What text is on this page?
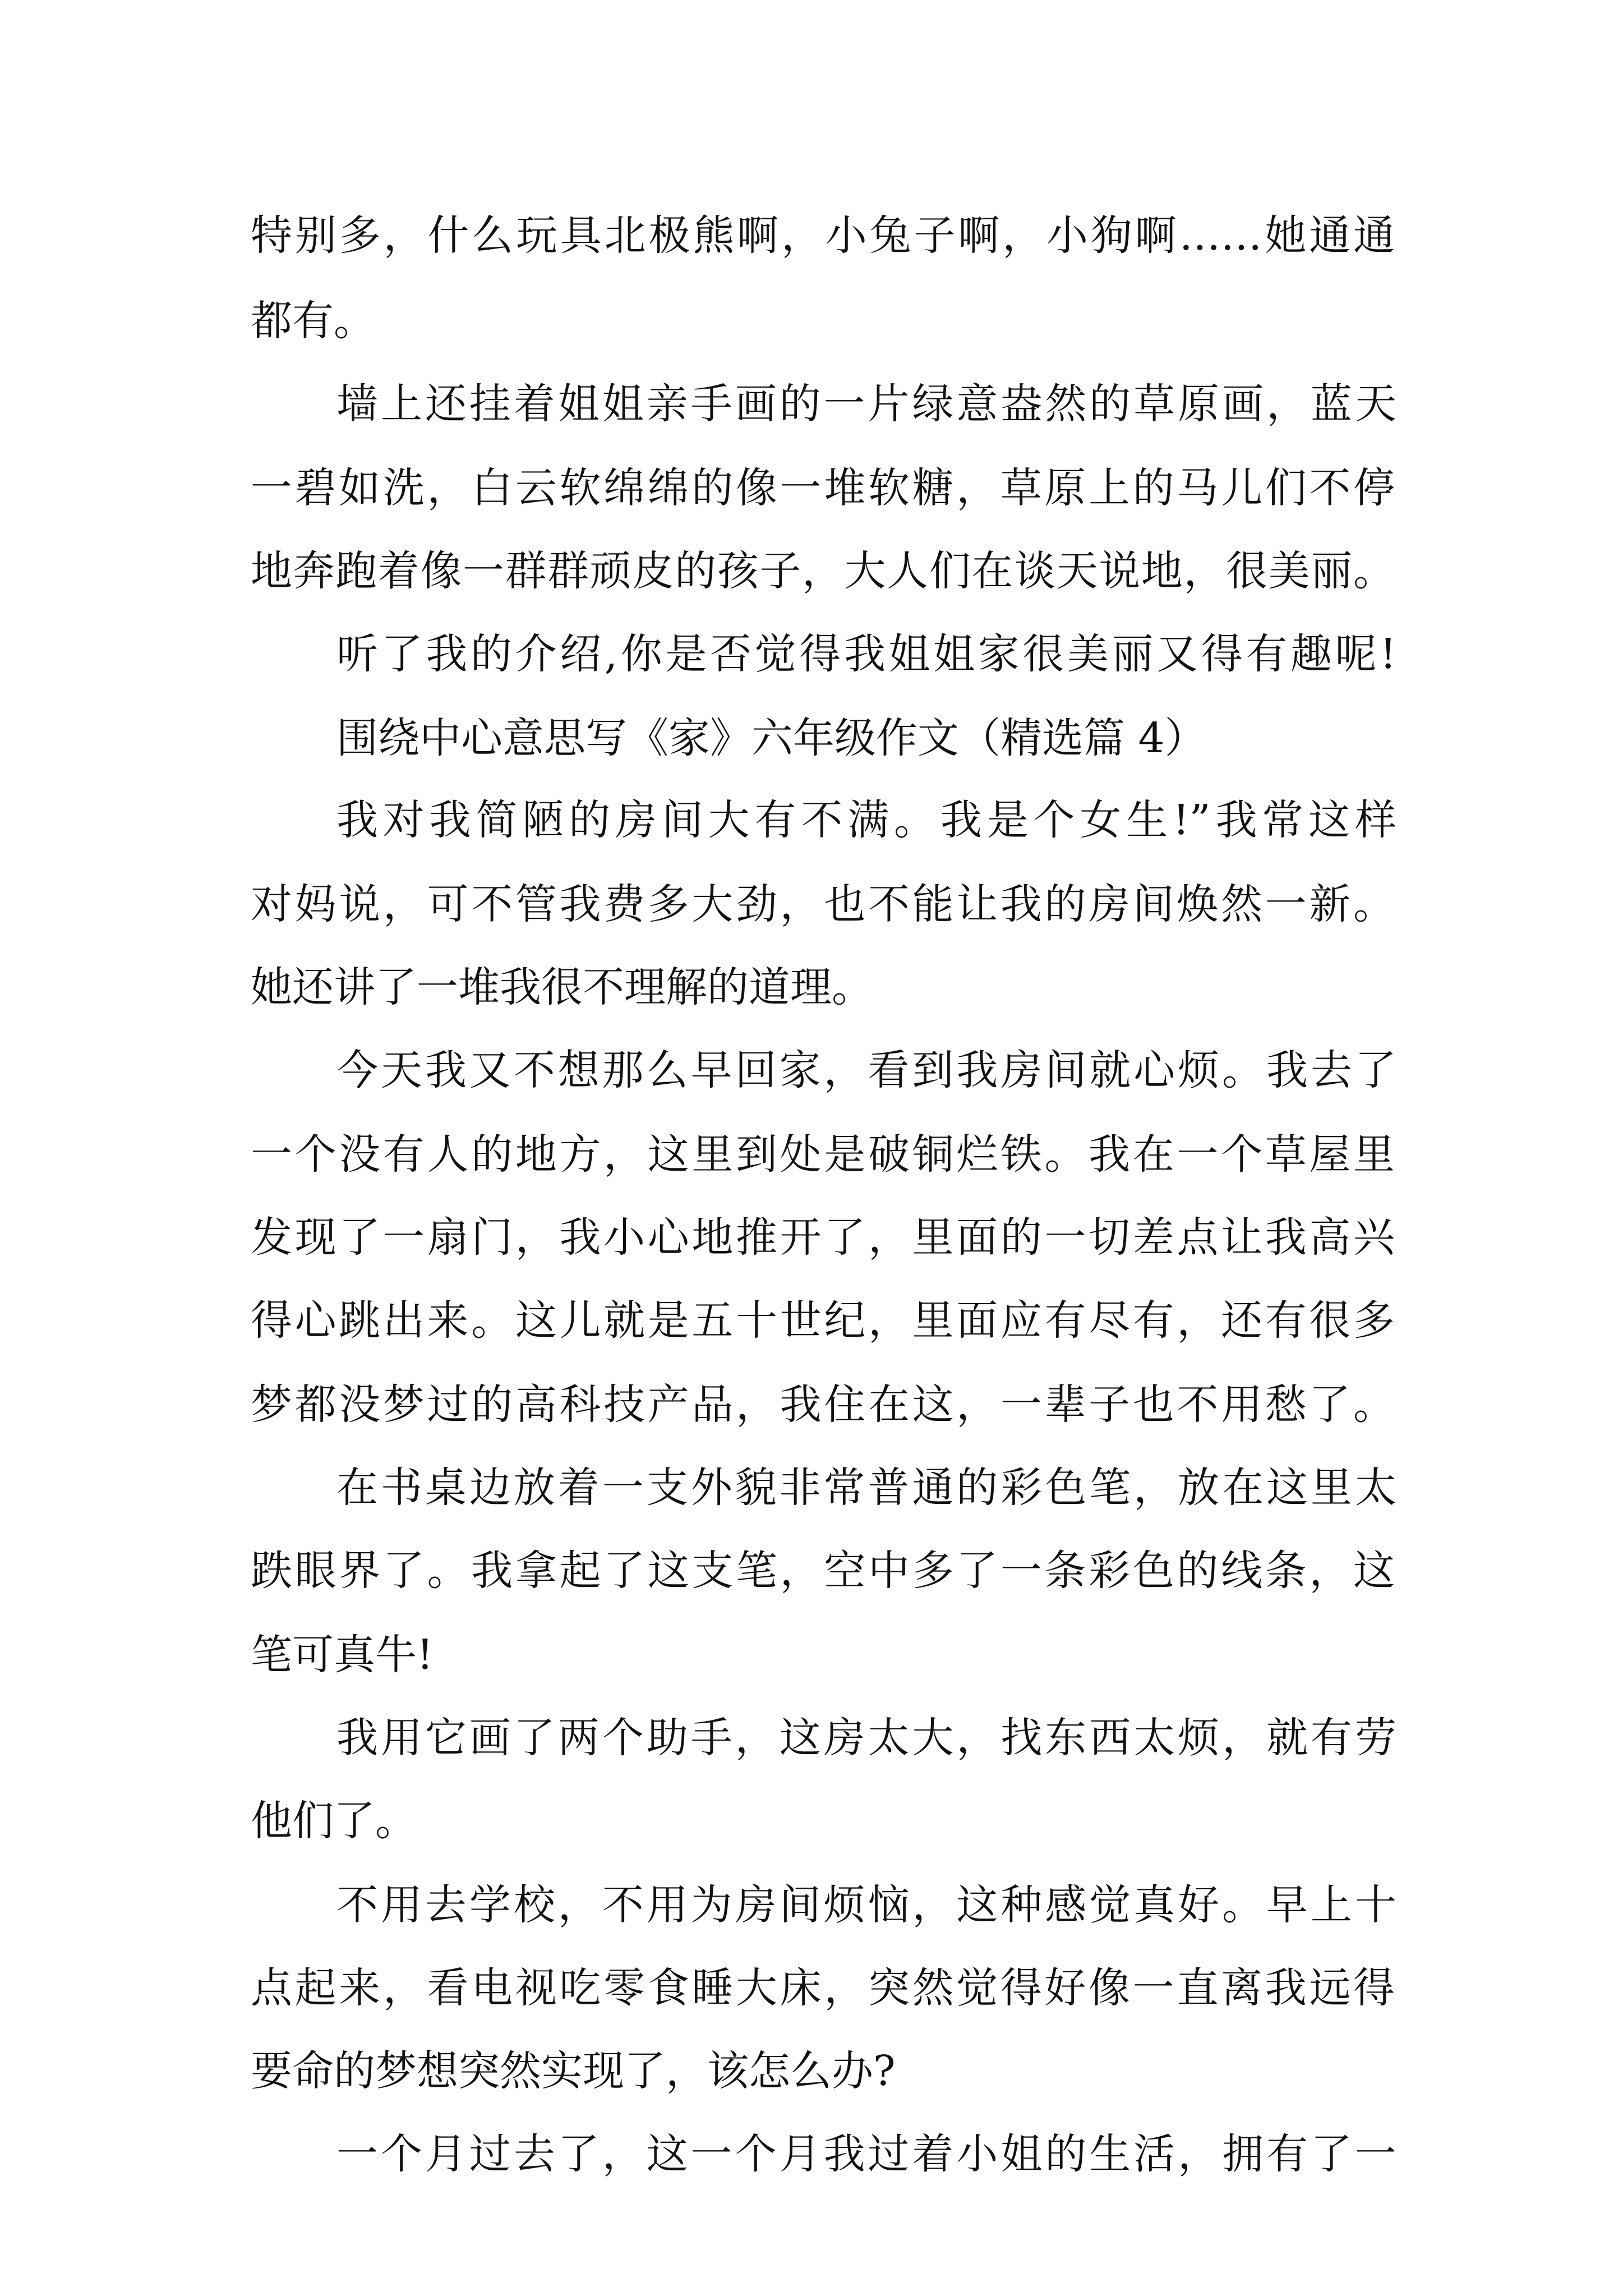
特别多，什么玩具北极熊啊，小兔子啊，小狗啊……她通通
都有。
墙上还挂着姐姐亲手画的一片绿意盎然的草原画，蓝天
一碧如洗，白云软绵绵的像一堆软糖，草原上的马儿们不停
地奔跑着像一群群顽皮的孩子，大人们在谈天说地，很美丽。
听了我的介绍,你是否觉得我姐姐家很美丽又得有趣呢!
围绕中心意思写《家》六年级作文（精选篇 4）
我对我简陋的房间大有不满。我是个女生!”我常这样
对妈说，可不管我费多大劲，也不能让我的房间焕然一新。
她还讲了一堆我很不理解的道理。
今天我又不想那么早回家，看到我房间就心烦。我去了
一个没有人的地方，这里到处是破铜烂铁。我在一个草屋里
发现了一扇门，我小心地推开了，里面的一切差点让我高兴
得心跳出来。这儿就是五十世纪，里面应有尽有，还有很多
梦都没梦过的高科技产品，我住在这，一辈子也不用愁了。
在书桌边放着一支外貌非常普通的彩色笔，放在这里太
跌眼界了。我拿起了这支笔，空中多了一条彩色的线条，这
笔可真牛!
我用它画了两个助手，这房太大，找东西太烦，就有劳
他们了。
不用去学校，不用为房间烦恼，这种感觉真好。早上十
点起来，看电视吃零食睡大床，突然觉得好像一直离我远得
要命的梦想突然实现了，该怎么办?
一个月过去了，这一个月我过着小姐的生活，拥有了一
